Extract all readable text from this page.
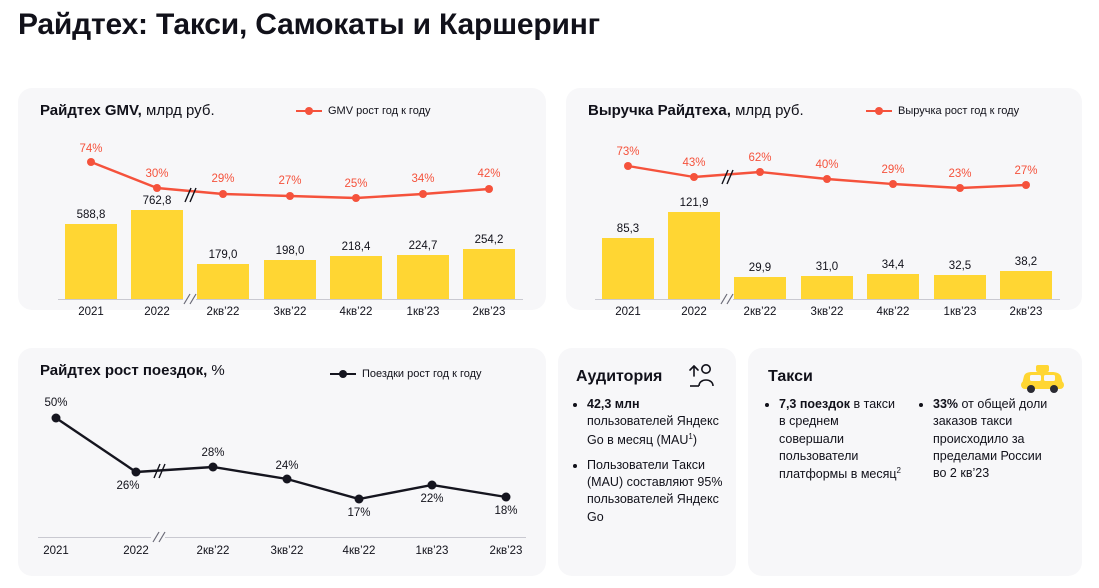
Райдтех: Такси, Самокаты и Каршеринг
Райдтех GMV, млрд руб.	GMV рост год к году
588,8
762,8
179,0	198,0	218,4	224,7	254,2
74%
30%	29%	27%	25%	34%	42%
2021	2022	2кв’22	3кв’22	4кв’22	1кв’23	2кв’23
Выручка Райдтеха, млрд руб.	Выручка рост год к году
85,3
121,9
29,9	31,0	34,4	32,5	38,2
73%
43%	62%
40%	29%	23%	27%
2021	2022	2кв’22	3кв’22	4кв’22	1кв’23	2кв’23
Райдтех рост поездок, %	Поездки рост год к году
50%
26%
28%
24%
17%
22%
18%
2021	2022	2кв’22	3кв’22	4кв’22	1кв’23	2кв’23
Аудитория
• 42,3 млн пользователей Яндекс Go в месяц (MAU$^1$)
• Пользователи Такси (MAU) составляют 95% пользователей Яндекс Go
Такси
• 7,3 поездок в такси в среднем совершали пользователи платформы в месяц$^2$
• 33% от общей доли заказов такси происходило за пределами России во 2 кв’23
